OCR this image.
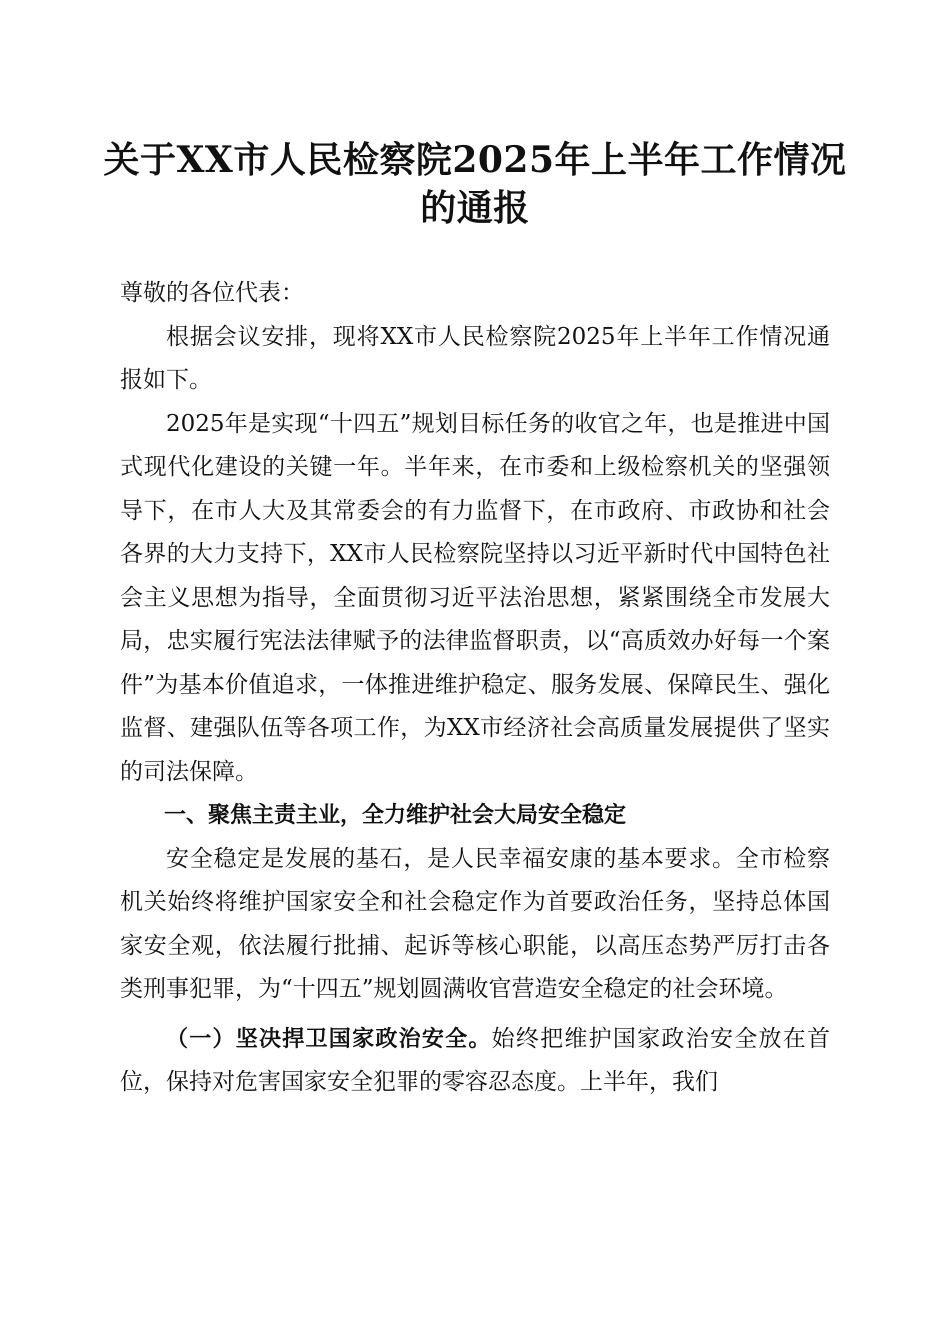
关于XX市人民检察院2025年上半年工作情况的通报

尊敬的各位代表：

根据会议安排，现将XX市人民检察院2025年上半年工作情况通报如下。

2025年是实现“十四五”规划目标任务的收官之年，也是推进中国式现代化建设的关键一年。半年来，在市委和上级检察机关的坚强领导下，在市人大及其常委会的有力监督下，在市政府、市政协和社会各界的大力支持下，XX市人民检察院坚持以习近平新时代中国特色社会主义思想为指导，全面贯彻习近平法治思想，紧紧围绕全市发展大局，忠实履行宪法法律赋予的法律监督职责，以“高质效办好每一个案件”为基本价值追求，一体推进维护稳定、服务发展、保障民生、强化监督、建强队伍等各项工作，为XX市经济社会高质量发展提供了坚实的司法保障。

一、聚焦主责主业，全力维护社会大局安全稳定

安全稳定是发展的基石，是人民幸福安康的基本要求。全市检察机关始终将维护国家安全和社会稳定作为首要政治任务，坚持总体国家安全观，依法履行批捕、起诉等核心职能，以高压态势严厉打击各类刑事犯罪，为“十四五”规划圆满收官营造安全稳定的社会环境。

（一）坚决捍卫国家政治安全。始终把维护国家政治安全放在首位，保持对危害国家安全犯罪的零容忍态度。上半年，我们
